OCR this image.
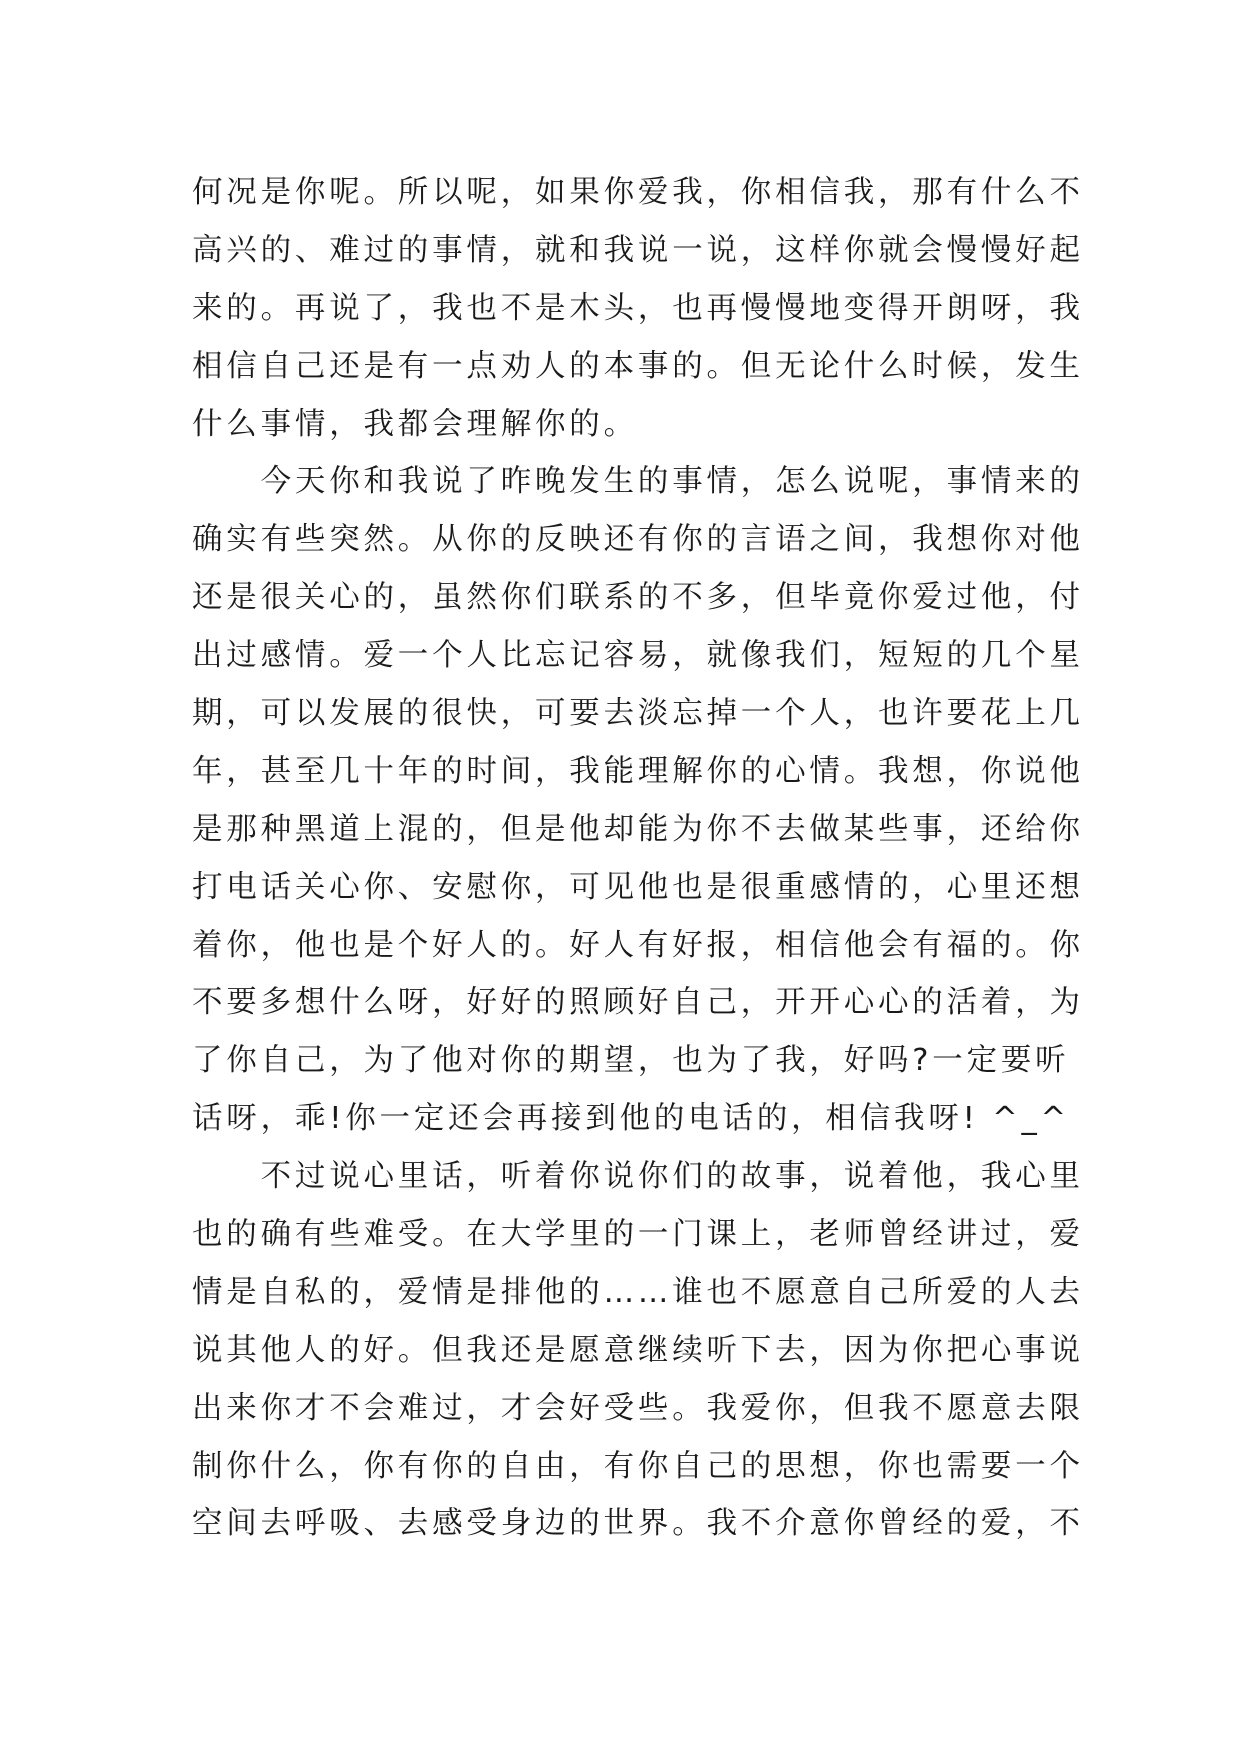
何况是你呢。所以呢，如果你爱我，你相信我，那有什么不
高兴的、难过的事情，就和我说一说，这样你就会慢慢好起
来的。再说了，我也不是木头，也再慢慢地变得开朗呀，我
相信自己还是有一点劝人的本事的。但无论什么时候，发生
什么事情，我都会理解你的。
　　今天你和我说了昨晚发生的事情，怎么说呢，事情来的
确实有些突然。从你的反映还有你的言语之间，我想你对他
还是很关心的，虽然你们联系的不多，但毕竟你爱过他，付
出过感情。爱一个人比忘记容易，就像我们，短短的几个星
期，可以发展的很快，可要去淡忘掉一个人，也许要花上几
年，甚至几十年的时间，我能理解你的心情。我想，你说他
是那种黑道上混的，但是他却能为你不去做某些事，还给你
打电话关心你、安慰你，可见他也是很重感情的，心里还想
着你，他也是个好人的。好人有好报，相信他会有福的。你
不要多想什么呀，好好的照顾好自己，开开心心的活着，为
了你自己，为了他对你的期望，也为了我，好吗?一定要听
话呀，乖!你一定还会再接到他的电话的，相信我呀! ^_^
　　不过说心里话，听着你说你们的故事，说着他，我心里
也的确有些难受。在大学里的一门课上，老师曾经讲过，爱
情是自私的，爱情是排他的……谁也不愿意自己所爱的人去
说其他人的好。但我还是愿意继续听下去，因为你把心事说
出来你才不会难过，才会好受些。我爱你，但我不愿意去限
制你什么，你有你的自由，有你自己的思想，你也需要一个
空间去呼吸、去感受身边的世界。我不介意你曾经的爱，不
